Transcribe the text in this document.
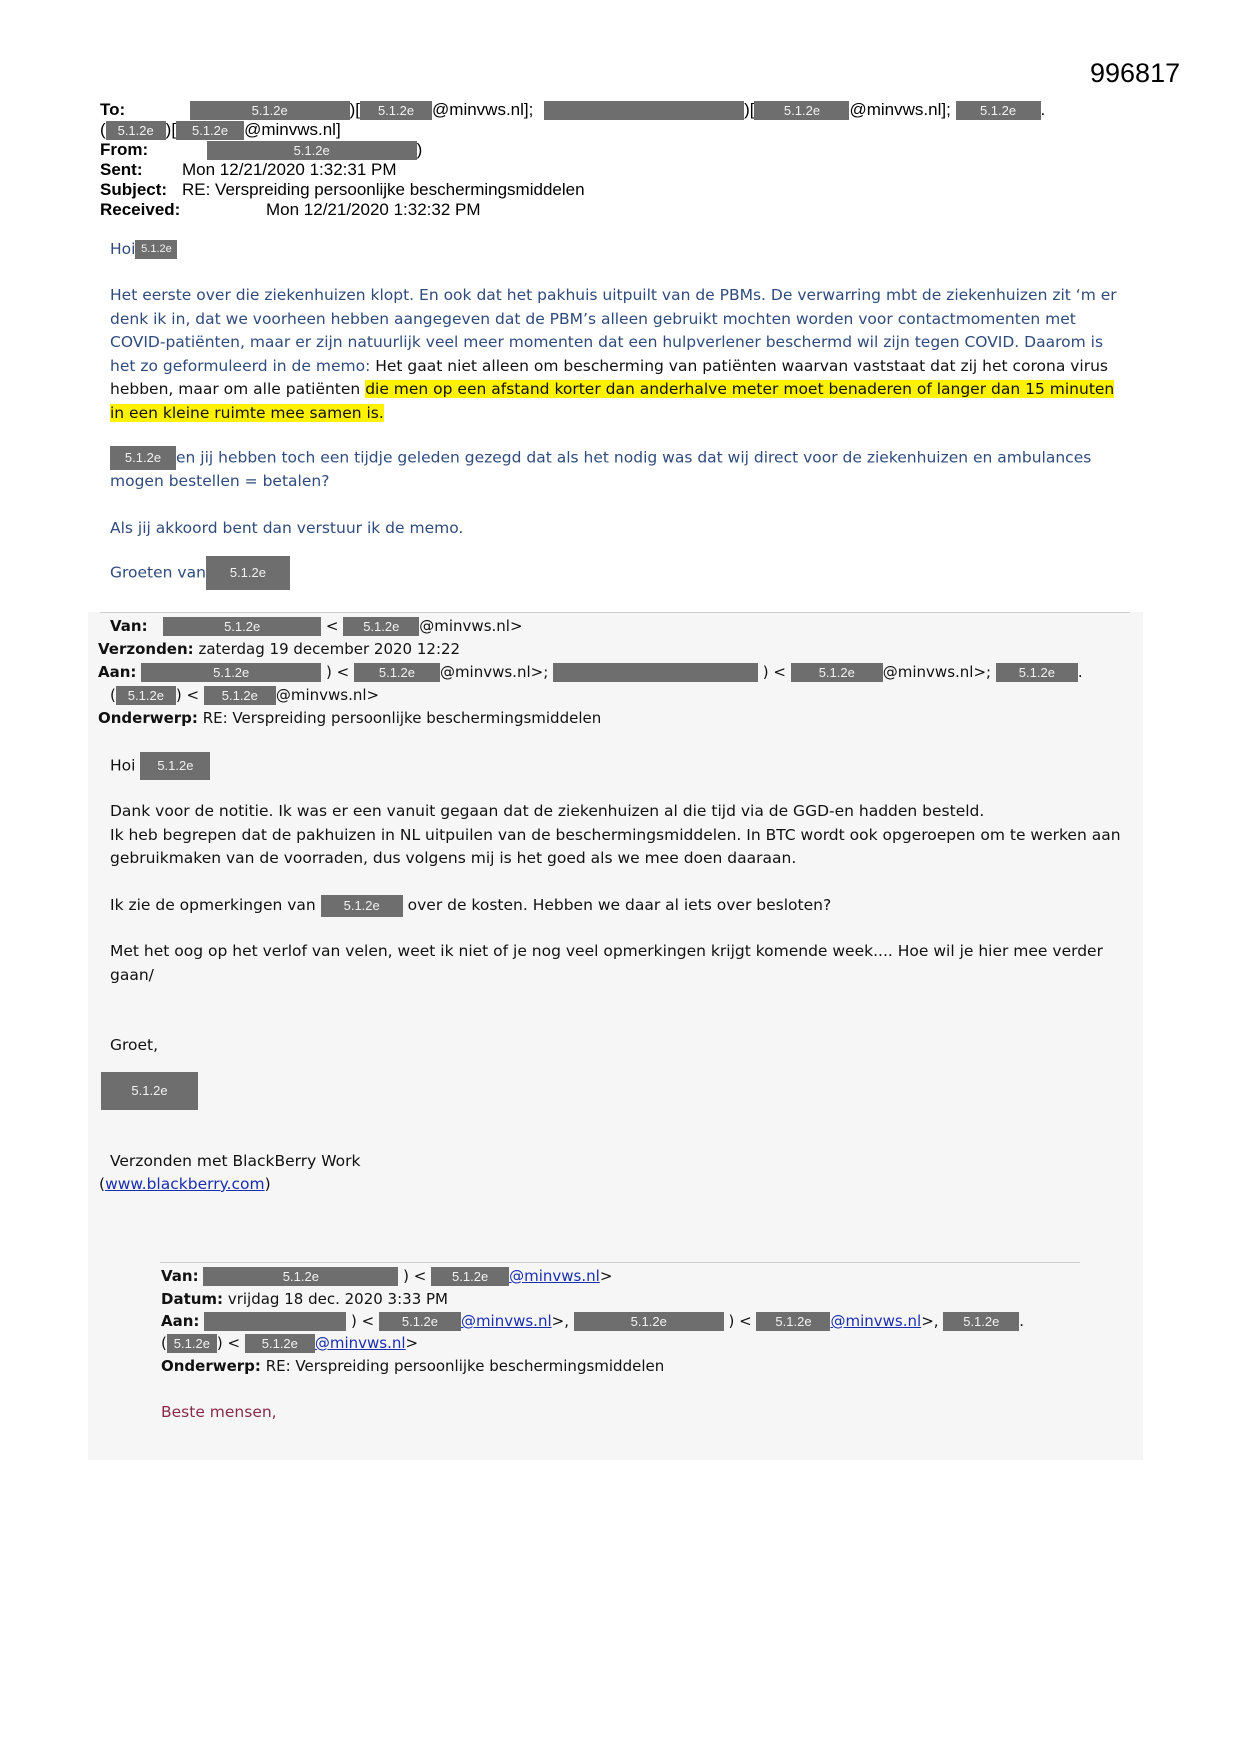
996817
To:	5.1.2e	)[ 5.1.2e @minvws.nl];	)[ 5.1.2e @minvws.nl]; 5.1.2e .
( 5.1.2e )[ 5.1.2e @minvws.nl]
From:	5.1.2e	)
Sent: Mon 12/21/2020 1:32:31 PM
Subject: RE: Verspreiding persoonlijke beschermingsmiddelen
Received:	Mon 12/21/2020 1:32:32 PM
Hoi 5.1.2e
Het eerste over die ziekenhuizen klopt. En ook dat het pakhuis uitpuilt van de PBMs. De verwarring mbt de ziekenhuizen zit ‘m er denk ik in, dat we voorheen hebben aangegeven dat de PBM’s alleen gebruikt mochten worden voor contactmomenten met COVID-patiënten, maar er zijn natuurlijk veel meer momenten dat een hulpverlener beschermd wil zijn tegen COVID. Daarom is het zo geformuleerd in de memo: Het gaat niet alleen om bescherming van patiënten waarvan vaststaat dat zij het corona virus hebben, maar om alle patiënten die men op een afstand korter dan anderhalve meter moet benaderen of langer dan 15 minuten in een kleine ruimte mee samen is.
5.1.2e en jij hebben toch een tijdje geleden gezegd dat als het nodig was dat wij direct voor de ziekenhuizen en ambulances mogen bestellen = betalen?
Als jij akkoord bent dan verstuur ik de memo.
Groeten van 5.1.2e
Van:	5.1.2e	< 5.1.2e @minvws.nl>
Verzonden: zaterdag 19 december 2020 12:22
Aan:	5.1.2e	) < 5.1.2e @minvws.nl>;	) < 5.1.2e @minvws.nl>; 5.1.2e .
( 5.1.2e ) < 5.1.2e @minvws.nl>
Onderwerp: RE: Verspreiding persoonlijke beschermingsmiddelen
Hoi 5.1.2e

Dank voor de notitie. Ik was er een vanuit gegaan dat de ziekenhuizen al die tijd via de GGD-en hadden besteld.

Ik heb begrepen dat de pakhuizen in NL uitpuilen van de beschermingsmiddelen. In BTC wordt ook opgeroepen om te werken aan gebruikmaken van de voorraden, dus volgens mij is het goed als we mee doen daaraan.

Ik zie de opmerkingen van 5.1.2e over de kosten. Hebben we daar al iets over besloten?
Met het oog op het verlof van velen, weet ik niet of je nog veel opmerkingen krijgt komende week.... Hoe wil je hier mee verder gaan/
Groet,
5.1.2e
Verzonden met BlackBerry Work
(www.blackberry.com)
Van:	5.1.2e	) < 5.1.2e @minvws.nl>
Datum: vrijdag 18 dec. 2020 3:33 PM
Aan:	) < 5.1.2e @minvws.nl>,	5.1.2e	) < 5.1.2e @minvws.nl>, 5.1.2e .
( 5.1.2e ) < 5.1.2e @minvws.nl>
Onderwerp: RE: Verspreiding persoonlijke beschermingsmiddelen
Beste mensen,
